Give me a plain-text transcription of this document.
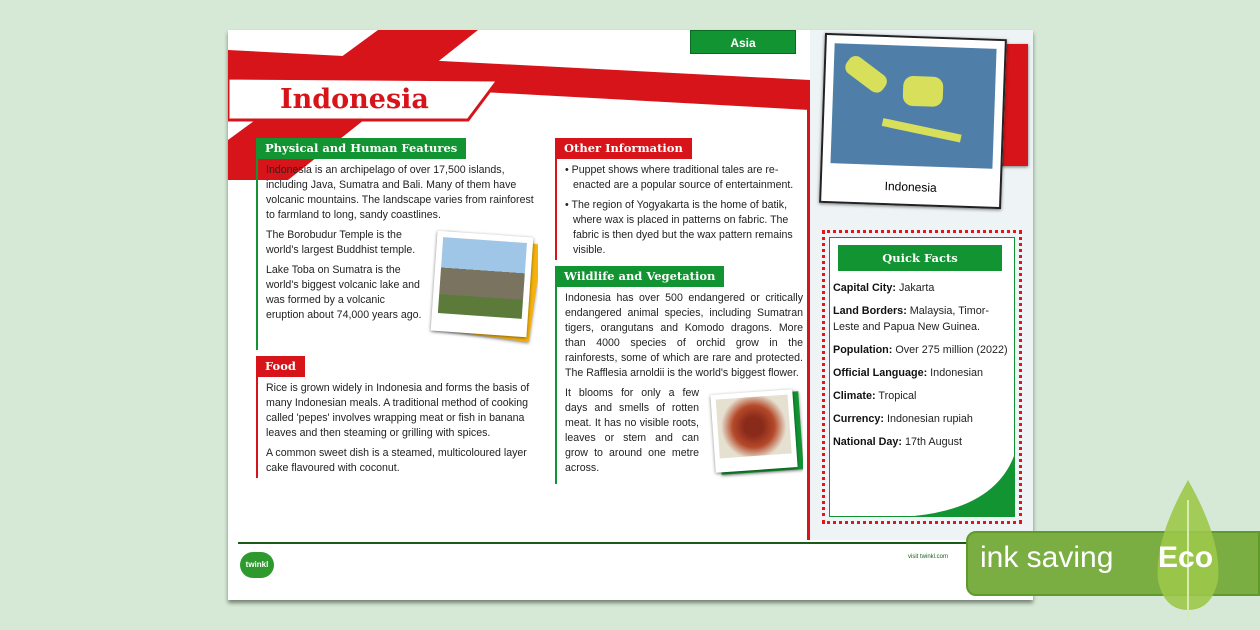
Indonesia
Asia
Physical and Human Features

Indonesia is an archipelago of over 17,500 islands, including Java, Sumatra and Bali. Many of them have volcanic mountains. The landscape varies from rainforest to farmland to long, sandy coastlines.

The Borobudur Temple is the world's largest Buddhist temple.

Lake Toba on Sumatra is the world's biggest volcanic lake and was formed by a volcanic eruption about 74,000 years ago.

Food

Rice is grown widely in Indonesia and forms the basis of many Indonesian meals. A traditional method of cooking called 'pepes' involves wrapping meat or fish in banana leaves and then steaming or grilling with spices.

A common sweet dish is a steamed, multicoloured layer cake flavoured with coconut.

Other Information

• Puppet shows where traditional tales are re-enacted are a popular source of entertainment.

• The region of Yogyakarta is the home of batik, where wax is placed in patterns on fabric. The fabric is then dyed but the wax pattern remains visible.

Wildlife and Vegetation

Indonesia has over 500 endangered or critically endangered animal species, including Sumatran tigers, orangutans and Komodo dragons. More than 4000 species of orchid grow in the rainforests, some of which are rare and protected. The Rafflesia arnoldii is the world's biggest flower.

It blooms for only a few days and smells of rotten meat. It has no visible roots, leaves or stem and can grow to around one metre across.

Indonesia
Quick Facts

Capital City: Jakarta

Land Borders: Malaysia, Timor-Leste and Papua New Guinea.

Population: Over 275 million (2022)

Official Language: Indonesian

Climate: Tropical

Currency: Indonesian rupiah

National Day: 17th August

twinkl
visit twinkl.com ink saving Eco
